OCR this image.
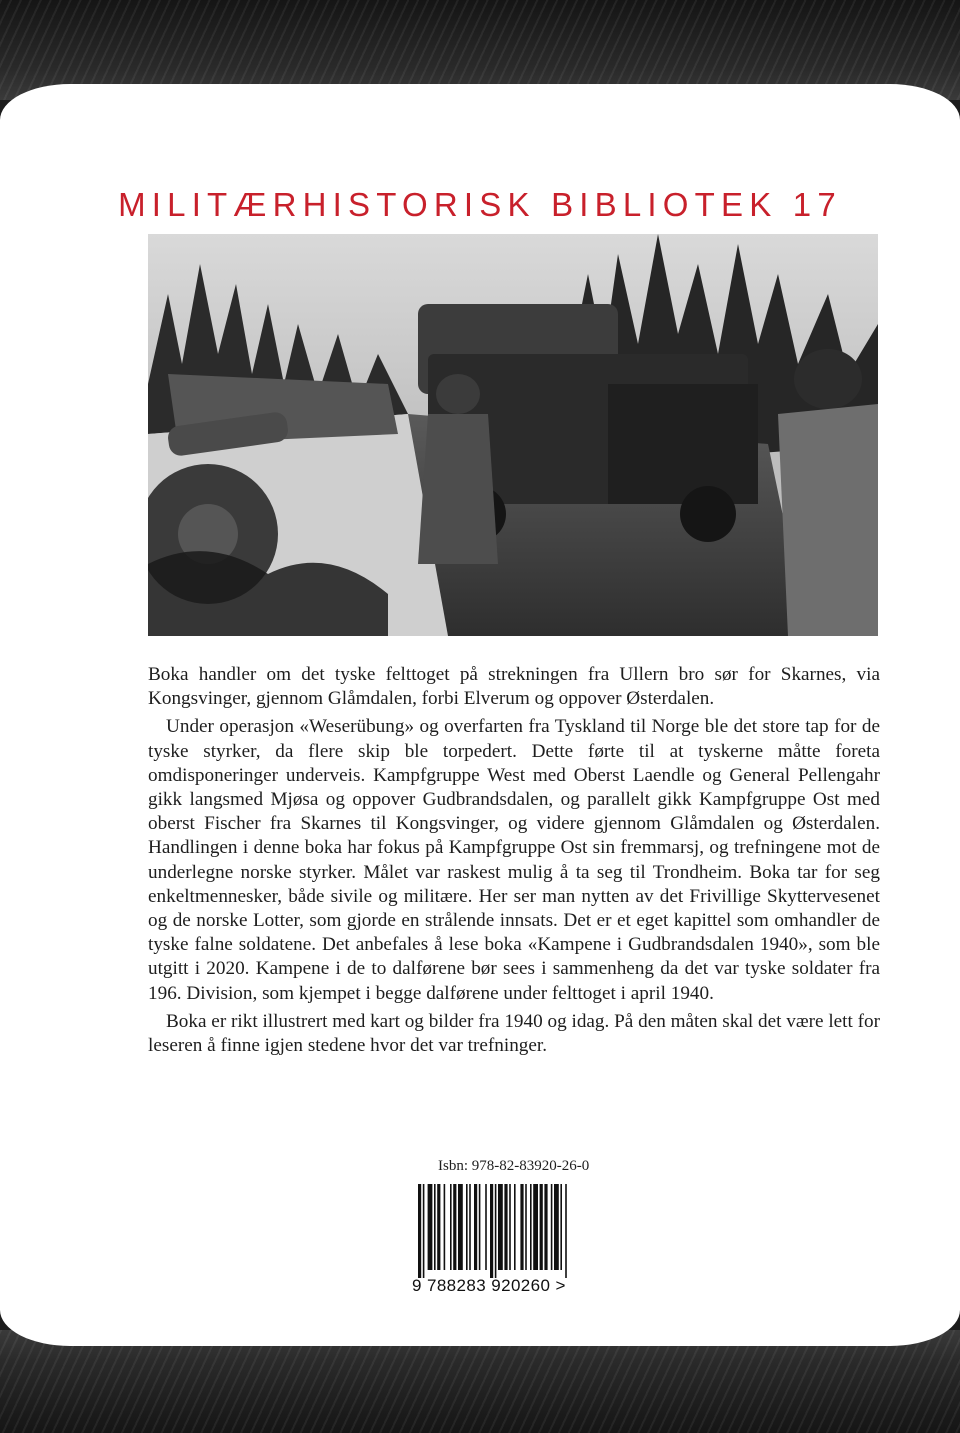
MILITÆRHISTORISK BIBLIOTEK 17

Boka handler om det tyske felttoget på strekningen fra Ullern bro sør for Skarnes, via Kongsvinger, gjennom Glåmdalen, forbi Elverum og oppover Østerdalen.

Under operasjon «Weserübung» og overfarten fra Tyskland til Norge ble det store tap for de tyske styrker, da flere skip ble torpedert. Dette førte til at tyskerne måtte foreta omdisponeringer underveis. Kampfgruppe West med Oberst Laendle og General Pellengahr gikk langsmed Mjøsa og oppover Gudbrandsdalen, og parallelt gikk Kampfgruppe Ost med oberst Fischer fra Skarnes til Kongsvinger, og videre gjennom Glåmdalen og Østerdalen. Handlingen i denne boka har fokus på Kampfgruppe Ost sin fremmarsj, og trefningene mot de underlegne norske styrker. Målet var raskest mulig å ta seg til Trondheim. Boka tar for seg enkeltmennesker, både sivile og militære. Her ser man nytten av det Frivillige Skyttervesenet og de norske Lotter, som gjorde en strålende innsats. Det er et eget kapittel som omhandler de tyske falne soldatene. Det anbefales å lese boka «Kampene i Gudbrandsdalen 1940», som ble utgitt i 2020. Kampene i de to dalførene bør sees i sammenheng da det var tyske soldater fra 196. Division, som kjempet i begge dalførene under felttoget i april 1940.

Boka er rikt illustrert med kart og bilder fra 1940 og idag. På den måten skal det være lett for leseren å finne igjen stedene hvor det var trefninger.

Isbn: 978-82-83920-26-0
9 788283 920260 >
